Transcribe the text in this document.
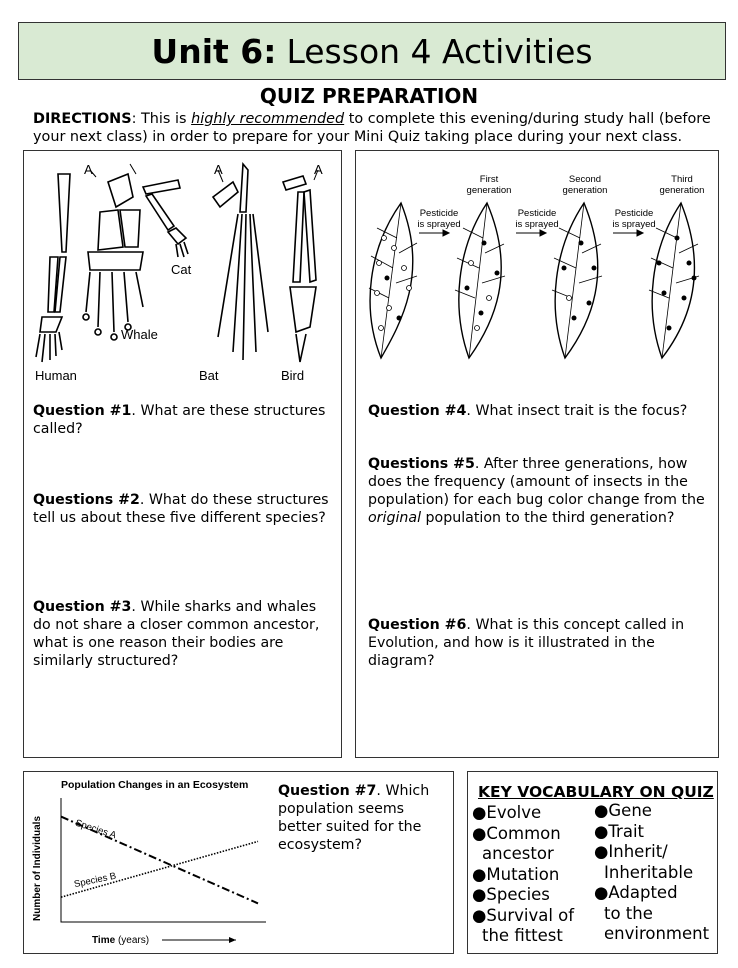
Unit 6: Lesson 4 Activities
QUIZ PREPARATION
DIRECTIONS: This is highly recommended to complete this evening/during study hall (before your next class) in order to prepare for your Mini Quiz taking place during your next class.
A	A	A
Cat
Whale
Human	Bat	Bird
Question #1. What are these structures called?
Questions #2. What do these structures tell us about these five different species?
Question #3. While sharks and whales do not share a closer common ancestor, what is one reason their bodies are similarly structured?
First
generation
Second
generation
Third
generation
Pesticide
is sprayed
Pesticide
is sprayed
Pesticide
is sprayed
Question #4. What insect trait is the focus?
Questions #5. After three generations, how does the frequency (amount of insects in the population) for each bug color change from the original population to the third generation?
Question #6. What is this concept called in Evolution, and how is it illustrated in the diagram?
Population Changes in an Ecosystem
Number of Individuals
Time (years)
Species A
Species B
Question #7. Which population seems better suited for the ecosystem?
KEY VOCABULARY ON QUIZ
●Evolve
●Common
ancestor
●Mutation
●Species
●Survival of
the fittest
●Gene
●Trait
●Inherit/
Inheritable
●Adapted
to the
environment
